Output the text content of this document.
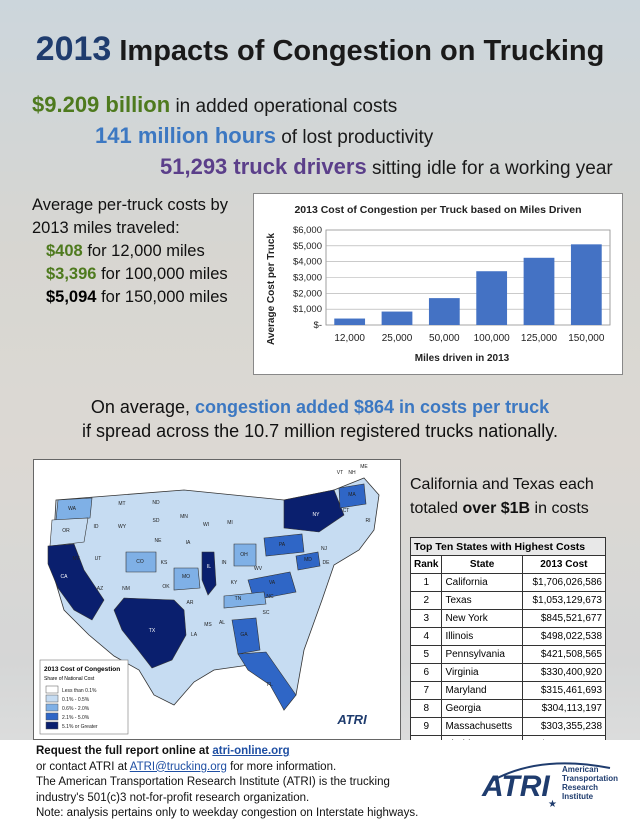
2013 Impacts of Congestion on Trucking
$9.209 billion in added operational costs
141 million hours of lost productivity
51,293 truck drivers sitting idle for a working year
Average per-truck costs by 2013 miles traveled:
$408 for 12,000 miles
$3,396 for 100,000 miles
$5,094 for 150,000 miles
2013 Cost of Congestion per Truck based on Miles Driven
Average Cost per Truck
Miles driven in 2013
$-
$1,000
$2,000
$3,000
$4,000
$5,000
$6,000
12,000 25,000 50,000 100,000 125,000 150,000
On average, congestion added $864 in costs per truck
if spread across the 10.7 million registered trucks nationally.
WA
MT	ND
OR
ID
SD
WY
NV
NE
UT	CO	KS
CA
AZ	NM	OK
TX
MN
WI
IA
MO
AR
LA
IL
MI
IN
OH
KY
TN
MS AL
GA
FL
SC
NC
VA
WV
PA
NY
VT NH
ME
MA
CT
RI
NJ
MD DE
2013 Cost of Congestion
Share of National Cost
Less than 0.1%
0.1% - 0.5%
0.6% - 2.0%
2.1% - 5.0%
5.1% or Greater	ATRI
California and Texas each totaled over $1B in costs
Top Ten States with Highest Costs		
Rank	State	2013 Cost
1	California	$1,706,026,586
2	Texas	$1,053,129,673
3	New York	$845,521,677
4	Illinois	$498,022,538
5	Pennsylvania	$421,508,565
6	Virginia	$330,400,920
7	Maryland	$315,461,693
8	Georgia	$304,113,197
9	Massachusetts	$303,355,238

Request the full report online at atri-online.org
or contact ATRI at ATRI@trucking.org for more information.
The American Transportation Research Institute (ATRI) is the trucking
industry's 501(c)3 not-for-profit research organization.
Note: analysis pertains only to weekday congestion on Interstate highways.
ATRI
American
Transportation
Research
Institute
★
